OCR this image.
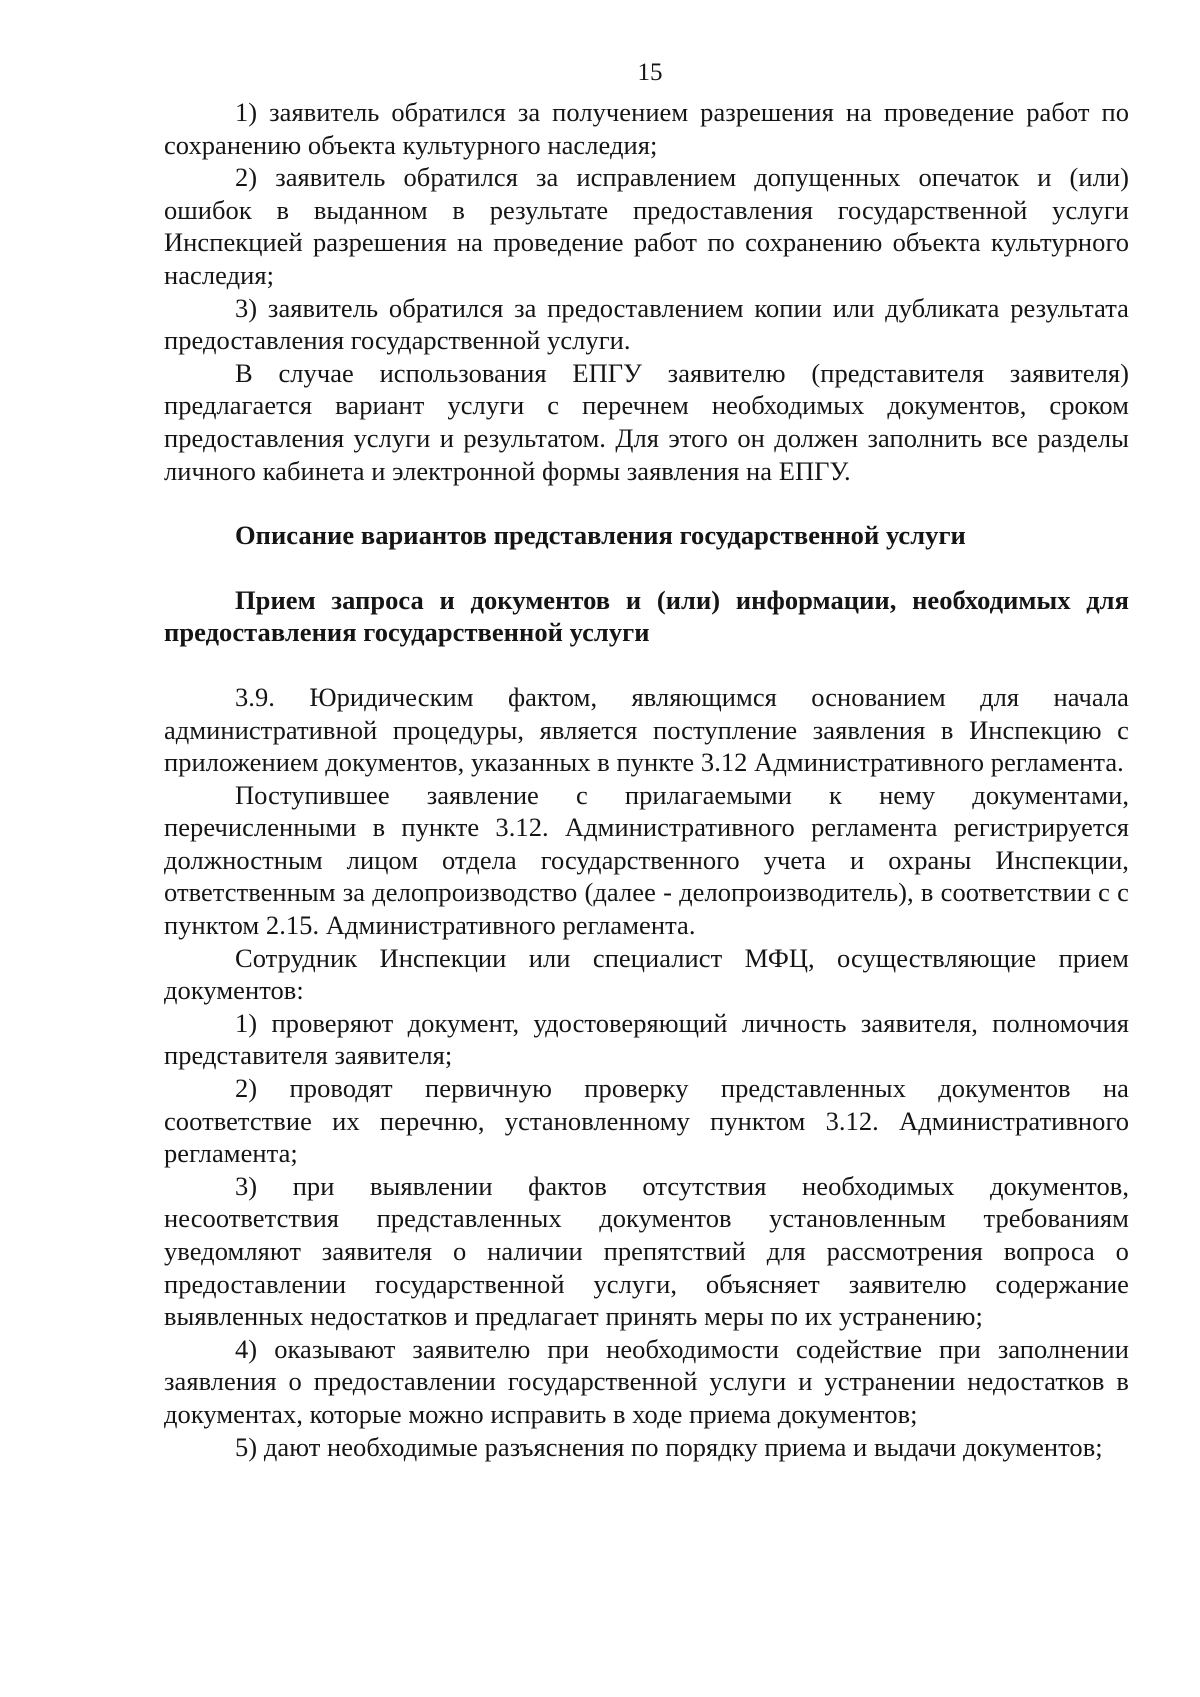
15

1) заявитель обратился за получением разрешения на проведение работ по сохранению объекта культурного наследия;

2) заявитель обратился за исправлением допущенных опечаток и (или) ошибок в выданном в результате предоставления государственной услуги Инспекцией разрешения на проведение работ по сохранению объекта культурного наследия;

3) заявитель обратился за предоставлением копии или дубликата результата предоставления государственной услуги.

В случае использования ЕПГУ заявителю (представителя заявителя) предлагается вариант услуги с перечнем необходимых документов, сроком предоставления услуги и результатом. Для этого он должен заполнить все разделы личного кабинета и электронной формы заявления на ЕПГУ.

Описание вариантов представления государственной услуги

Прием запроса и документов и (или) информации, необходимых для предоставления государственной услуги

3.9. Юридическим фактом, являющимся основанием для начала административной процедуры, является поступление заявления в Инспекцию с приложением документов, указанных в пункте 3.12 Административного регламента.

Поступившее заявление с прилагаемыми к нему документами, перечисленными в пункте 3.12. Административного регламента регистрируется должностным лицом отдела государственного учета и охраны Инспекции, ответственным за делопроизводство (далее - делопроизводитель), в соответствии с с пунктом 2.15. Административного регламента.

Сотрудник Инспекции или специалист МФЦ, осуществляющие прием документов:

1) проверяют документ, удостоверяющий личность заявителя, полномочия представителя заявителя;

2) проводят первичную проверку представленных документов на соответствие их перечню, установленному пунктом 3.12. Административного регламента;

3) при выявлении фактов отсутствия необходимых документов, несоответствия представленных документов установленным требованиям уведомляют заявителя о наличии препятствий для рассмотрения вопроса о предоставлении государственной услуги, объясняет заявителю содержание выявленных недостатков и предлагает принять меры по их устранению;

4) оказывают заявителю при необходимости содействие при заполнении заявления о предоставлении государственной услуги и устранении недостатков в документах, которые можно исправить в ходе приема документов;

5) дают необходимые разъяснения по порядку приема и выдачи документов;
